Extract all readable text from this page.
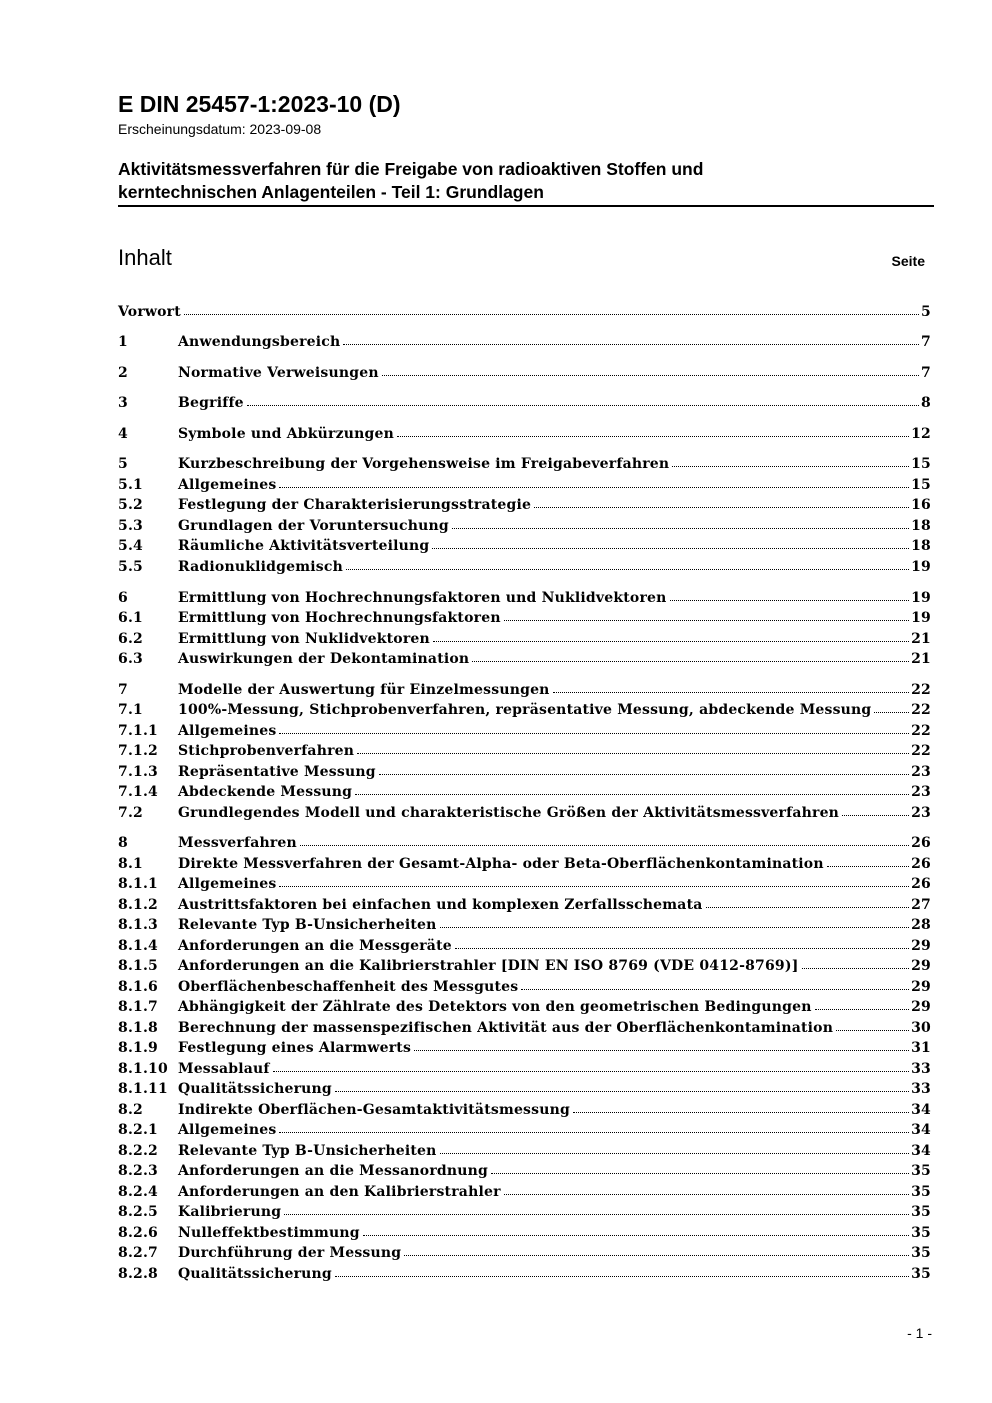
E DIN 25457-1:2023-10 (D)
Erscheinungsdatum: 2023-09-08
Aktivitätsmessverfahren für die Freigabe von radioaktiven Stoffen und
kerntechnischen Anlagenteilen - Teil 1: Grundlagen
Inhalt	Seite
Vorwort	5
1	Anwendungsbereich	7
2	Normative Verweisungen	7
3	Begriffe	8
4	Symbole und Abkürzungen	12
5	Kurzbeschreibung der Vorgehensweise im Freigabeverfahren	15
5.1	Allgemeines	15
5.2	Festlegung der Charakterisierungsstrategie	16
5.3	Grundlagen der Voruntersuchung	18
5.4	Räumliche Aktivitätsverteilung	18
5.5	Radionuklidgemisch	19
6	Ermittlung von Hochrechnungsfaktoren und Nuklidvektoren	19
6.1	Ermittlung von Hochrechnungsfaktoren	19
6.2	Ermittlung von Nuklidvektoren	21
6.3	Auswirkungen der Dekontamination	21
7	Modelle der Auswertung für Einzelmessungen	22
7.1	100%-Messung, Stichprobenverfahren, repräsentative Messung, abdeckende Messung	22
7.1.1	Allgemeines	22
7.1.2	Stichprobenverfahren	22
7.1.3	Repräsentative Messung	23
7.1.4	Abdeckende Messung	23
7.2	Grundlegendes Modell und charakteristische Größen der Aktivitätsmessverfahren	23
8	Messverfahren	26
8.1	Direkte Messverfahren der Gesamt-Alpha- oder Beta-Oberflächenkontamination	26
8.1.1	Allgemeines	26
8.1.2	Austrittsfaktoren bei einfachen und komplexen Zerfallsschemata	27
8.1.3	Relevante Typ B-Unsicherheiten	28
8.1.4	Anforderungen an die Messgeräte	29
8.1.5	Anforderungen an die Kalibrierstrahler [DIN EN ISO 8769 (VDE 0412-8769)]	29
8.1.6	Oberflächenbeschaffenheit des Messgutes	29
8.1.7	Abhängigkeit der Zählrate des Detektors von den geometrischen Bedingungen	29
8.1.8	Berechnung der massenspezifischen Aktivität aus der Oberflächenkontamination	30
8.1.9	Festlegung eines Alarmwerts	31
8.1.10 Messablauf	33
8.1.11 Qualitätssicherung	33
8.2	Indirekte Oberflächen-Gesamtaktivitätsmessung	34
8.2.1	Allgemeines	34
8.2.2	Relevante Typ B-Unsicherheiten	34
8.2.3	Anforderungen an die Messanordnung	35
8.2.4	Anforderungen an den Kalibrierstrahler	35
8.2.5	Kalibrierung	35
8.2.6	Nulleffektbestimmung	35
8.2.7	Durchführung der Messung	35
8.2.8	Qualitätssicherung	35
- 1 -
